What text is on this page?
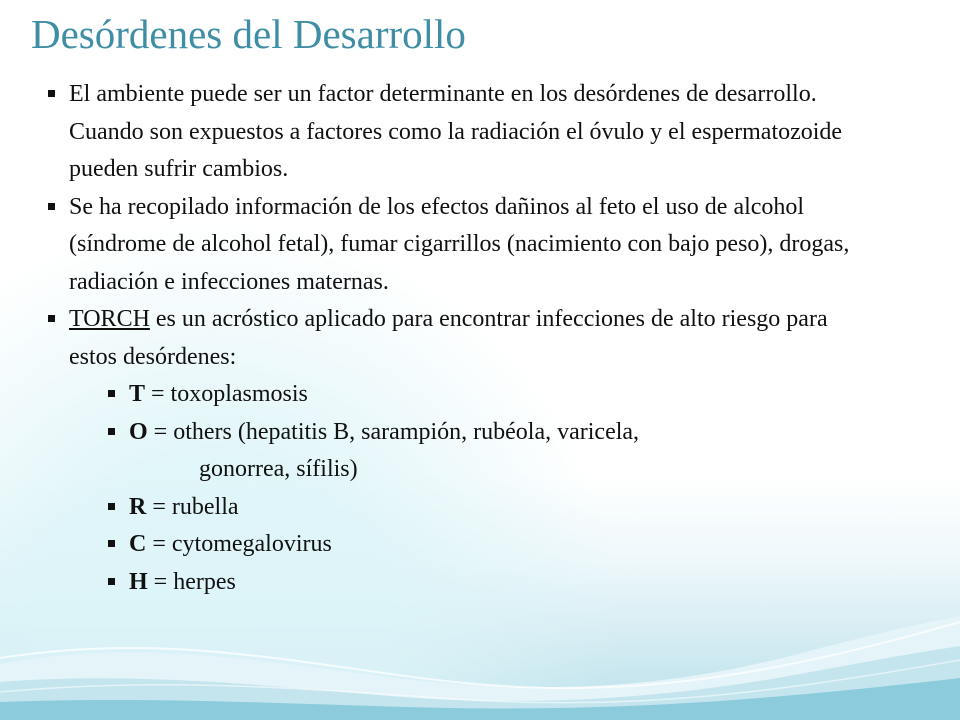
Desórdenes del Desarrollo

El ambiente puede ser un factor determinante en los desórdenes de desarrollo. Cuando son expuestos a factores como la radiación el óvulo y el espermatozoide pueden sufrir cambios.

Se ha recopilado información de los efectos dañinos al feto el uso de alcohol (síndrome de alcohol fetal), fumar cigarrillos (nacimiento con bajo peso), drogas, radiación e infecciones maternas.

TORCH es un acróstico aplicado para encontrar infecciones de alto riesgo para estos desórdenes:

T = toxoplasmosis

O = others (hepatitis B, sarampión, rubéola, varicela,
gonorrea, sífilis)

R = rubella

C = cytomegalovirus

H = herpes
